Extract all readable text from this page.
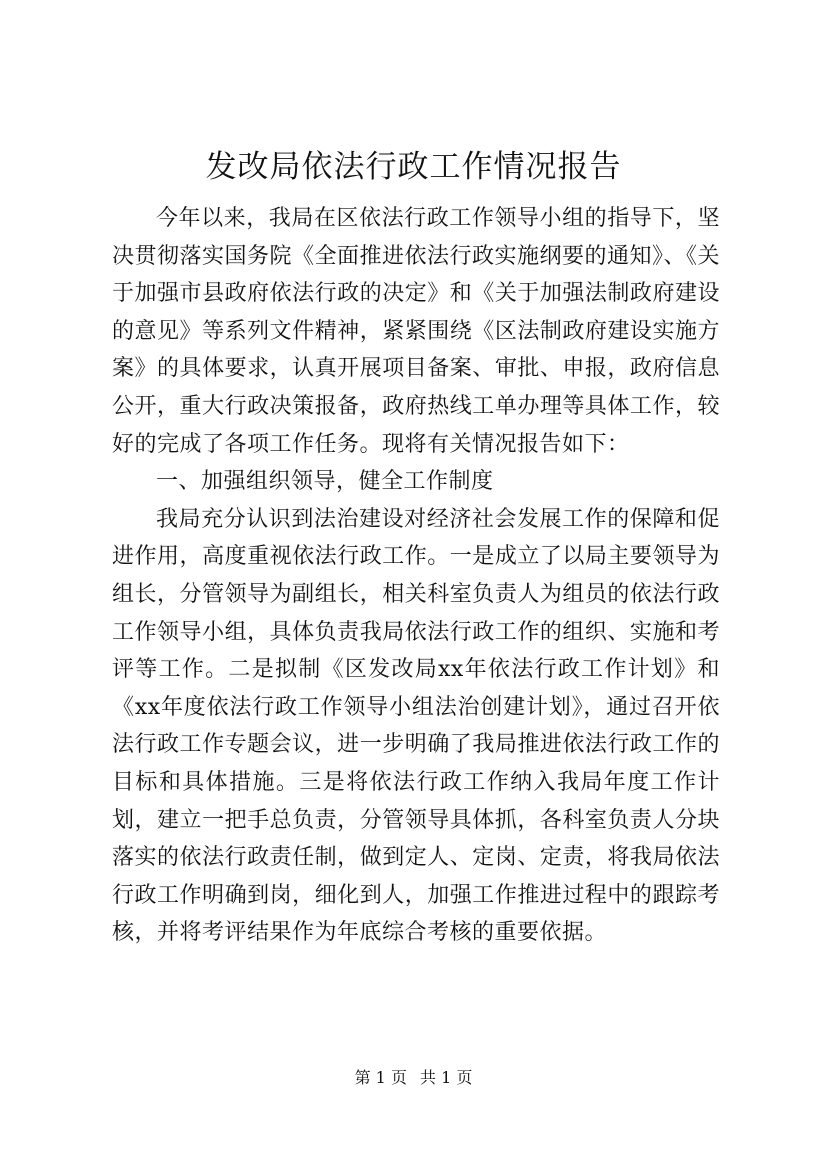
发改局依法行政工作情况报告

今年以来，我局在区依法行政工作领导小组的指导下，坚决贯彻落实国务院《全面推进依法行政实施纲要的通知》、《关于加强市县政府依法行政的决定》和《关于加强法制政府建设的意见》等系列文件精神，紧紧围绕《区法制政府建设实施方案》的具体要求，认真开展项目备案、审批、申报，政府信息公开，重大行政决策报备，政府热线工单办理等具体工作，较好的完成了各项工作任务。现将有关情况报告如下：

一、加强组织领导，健全工作制度

我局充分认识到法治建设对经济社会发展工作的保障和促进作用，高度重视依法行政工作。一是成立了以局主要领导为组长，分管领导为副组长，相关科室负责人为组员的依法行政工作领导小组，具体负责我局依法行政工作的组织、实施和考评等工作。二是拟制《区发改局xx年依法行政工作计划》和《xx年度依法行政工作领导小组法治创建计划》，通过召开依法行政工作专题会议，进一步明确了我局推进依法行政工作的目标和具体措施。三是将依法行政工作纳入我局年度工作计划，建立一把手总负责，分管领导具体抓，各科室负责人分块落实的依法行政责任制，做到定人、定岗、定责，将我局依法行政工作明确到岗，细化到人，加强工作推进过程中的跟踪考核，并将考评结果作为年底综合考核的重要依据。

第 1 页 共 1 页
